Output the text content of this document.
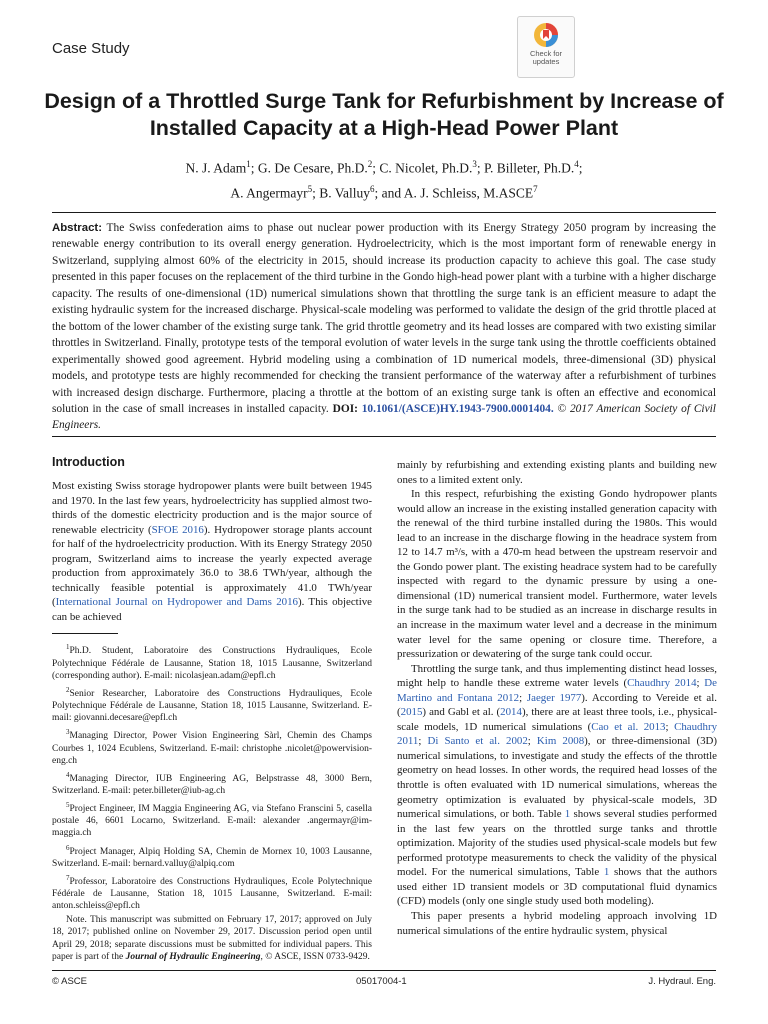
Case Study	Check for
updates
Design of a Throttled Surge Tank for Refurbishment by Increase of Installed Capacity at a High-Head Power Plant
N. J. Adam$^1$; G. De Cesare, Ph.D.$^2$; C. Nicolet, Ph.D.$^3$; P. Billeter, Ph.D.$^4$;
A. Angermayr$^5$; B. Valluy$^6$; and A. J. Schleiss, M.ASCE$^7$
Abstract: The Swiss confederation aims to phase out nuclear power production with its Energy Strategy 2050 program by increasing the renewable energy contribution to its overall energy generation. Hydroelectricity, which is the most important form of renewable energy in Switzerland, supplying almost 60% of the electricity in 2015, should increase its production capacity to achieve this goal. The case study presented in this paper focuses on the replacement of the third turbine in the Gondo high-head power plant with a turbine with a higher discharge capacity. The results of one-dimensional (1D) numerical simulations shown that throttling the surge tank is an efficient measure to adapt the existing hydraulic system for the increased discharge. Physical-scale modeling was performed to validate the design of the grid throttle placed at the bottom of the lower chamber of the existing surge tank. The grid throttle geometry and its head losses are compared with two existing similar throttles in Switzerland. Finally, prototype tests of the temporal evolution of water levels in the surge tank using the throttle coefficients obtained experimentally showed good agreement. Hybrid modeling using a combination of 1D numerical models, three-dimensional (3D) physical models, and prototype tests are highly recommended for checking the transient performance of the waterway after a refurbishment of turbines with increased design discharge. Furthermore, placing a throttle at the bottom of an existing surge tank is often an effective and economical solution in the case of small increases in installed capacity. DOI: 10.1061/(ASCE)HY.1943-7900.0001404. © 2017 American Society of Civil Engineers.
Introduction

Most existing Swiss storage hydropower plants were built between 1945 and 1970. In the last few years, hydroelectricity has supplied almost two-thirds of the domestic electricity production and is the major source of renewable electricity (SFOE 2016). Hydropower storage plants account for half of the hydroelectricity production. With its Energy Strategy 2050 program, Switzerland aims to increase the yearly expected average production from approximately 36.0 to 38.6 TWh/year, although the technically feasible potential is approximately 41.0 TWh/year (International Journal on Hydropower and Dams 2016). This objective can be achieved

$^1$Ph.D. Student, Laboratoire des Constructions Hydrauliques, Ecole Polytechnique Fédérale de Lausanne, Station 18, 1015 Lausanne, Switzerland (corresponding author). E-mail: nicolasjean.adam@epfl.ch

$^2$Senior Researcher, Laboratoire des Constructions Hydrauliques, Ecole Polytechnique Fédérale de Lausanne, Station 18, 1015 Lausanne, Switzerland. E-mail: giovanni.decesare@epfl.ch

$^3$Managing Director, Power Vision Engineering Sàrl, Chemin des Champs Courbes 1, 1024 Ecublens, Switzerland. E-mail: christophe .nicolet@powervision-eng.ch

$^4$Managing Director, IUB Engineering AG, Belpstrasse 48, 3000 Bern, Switzerland. E-mail: peter.billeter@iub-ag.ch

$^5$Project Engineer, IM Maggia Engineering AG, via Stefano Franscini 5, casella postale 46, 6601 Locarno, Switzerland. E-mail: alexander .angermayr@im-maggia.ch

$^6$Project Manager, Alpiq Holding SA, Chemin de Mornex 10, 1003 Lausanne, Switzerland. E-mail: bernard.valluy@alpiq.com

$^7$Professor, Laboratoire des Constructions Hydrauliques, Ecole Polytechnique Fédérale de Lausanne, Station 18, 1015 Lausanne, Switzerland. E-mail: anton.schleiss@epfl.ch

Note. This manuscript was submitted on February 17, 2017; approved on July 18, 2017; published online on November 29, 2017. Discussion period open until April 29, 2018; separate discussions must be submitted for individual papers. This paper is part of the Journal of Hydraulic Engineering, © ASCE, ISSN 0733-9429.

mainly by refurbishing and extending existing plants and building new ones to a limited extent only.

In this respect, refurbishing the existing Gondo hydropower plants would allow an increase in the existing installed generation capacity with the renewal of the third turbine installed during the 1980s. This would lead to an increase in the discharge flowing in the headrace system from 12 to 14.7 m³/s, with a 470-m head between the upstream reservoir and the Gondo power plant. The existing headrace system had to be carefully inspected with regard to the dynamic pressure by using a one-dimensional (1D) numerical transient model. Furthermore, water levels in the surge tank had to be studied as an increase in discharge results in an increase in the maximum water level and a decrease in the minimum water level for the same opening or closure time. Therefore, a pressurization or dewatering of the surge tank could occur.

Throttling the surge tank, and thus implementing distinct head losses, might help to handle these extreme water levels (Chaudhry 2014; De Martino and Fontana 2012; Jaeger 1977). According to Vereide et al. (2015) and Gabl et al. (2014), there are at least three tools, i.e., physical-scale models, 1D numerical simulations (Cao et al. 2013; Chaudhry 2011; Di Santo et al. 2002; Kim 2008), or three-dimensional (3D) numerical simulations, to investigate and study the effects of the throttle geometry on head losses. In other words, the required head losses of the throttle is often evaluated with 1D numerical simulations, whereas the geometry optimization is evaluated by physical-scale models, 3D numerical simulations, or both. Table 1 shows several studies performed in the last few years on the throttled surge tanks and throttle optimization. Majority of the studies used physical-scale models but few performed prototype measurements to check the validity of the physical model. For the numerical simulations, Table 1 shows that the authors used either 1D transient models or 3D computational fluid dynamics (CFD) models (only one single study used both modeling).

This paper presents a hybrid modeling approach involving 1D numerical simulations of the entire hydraulic system, physical

© ASCE	05017004-1	J. Hydraul. Eng.
